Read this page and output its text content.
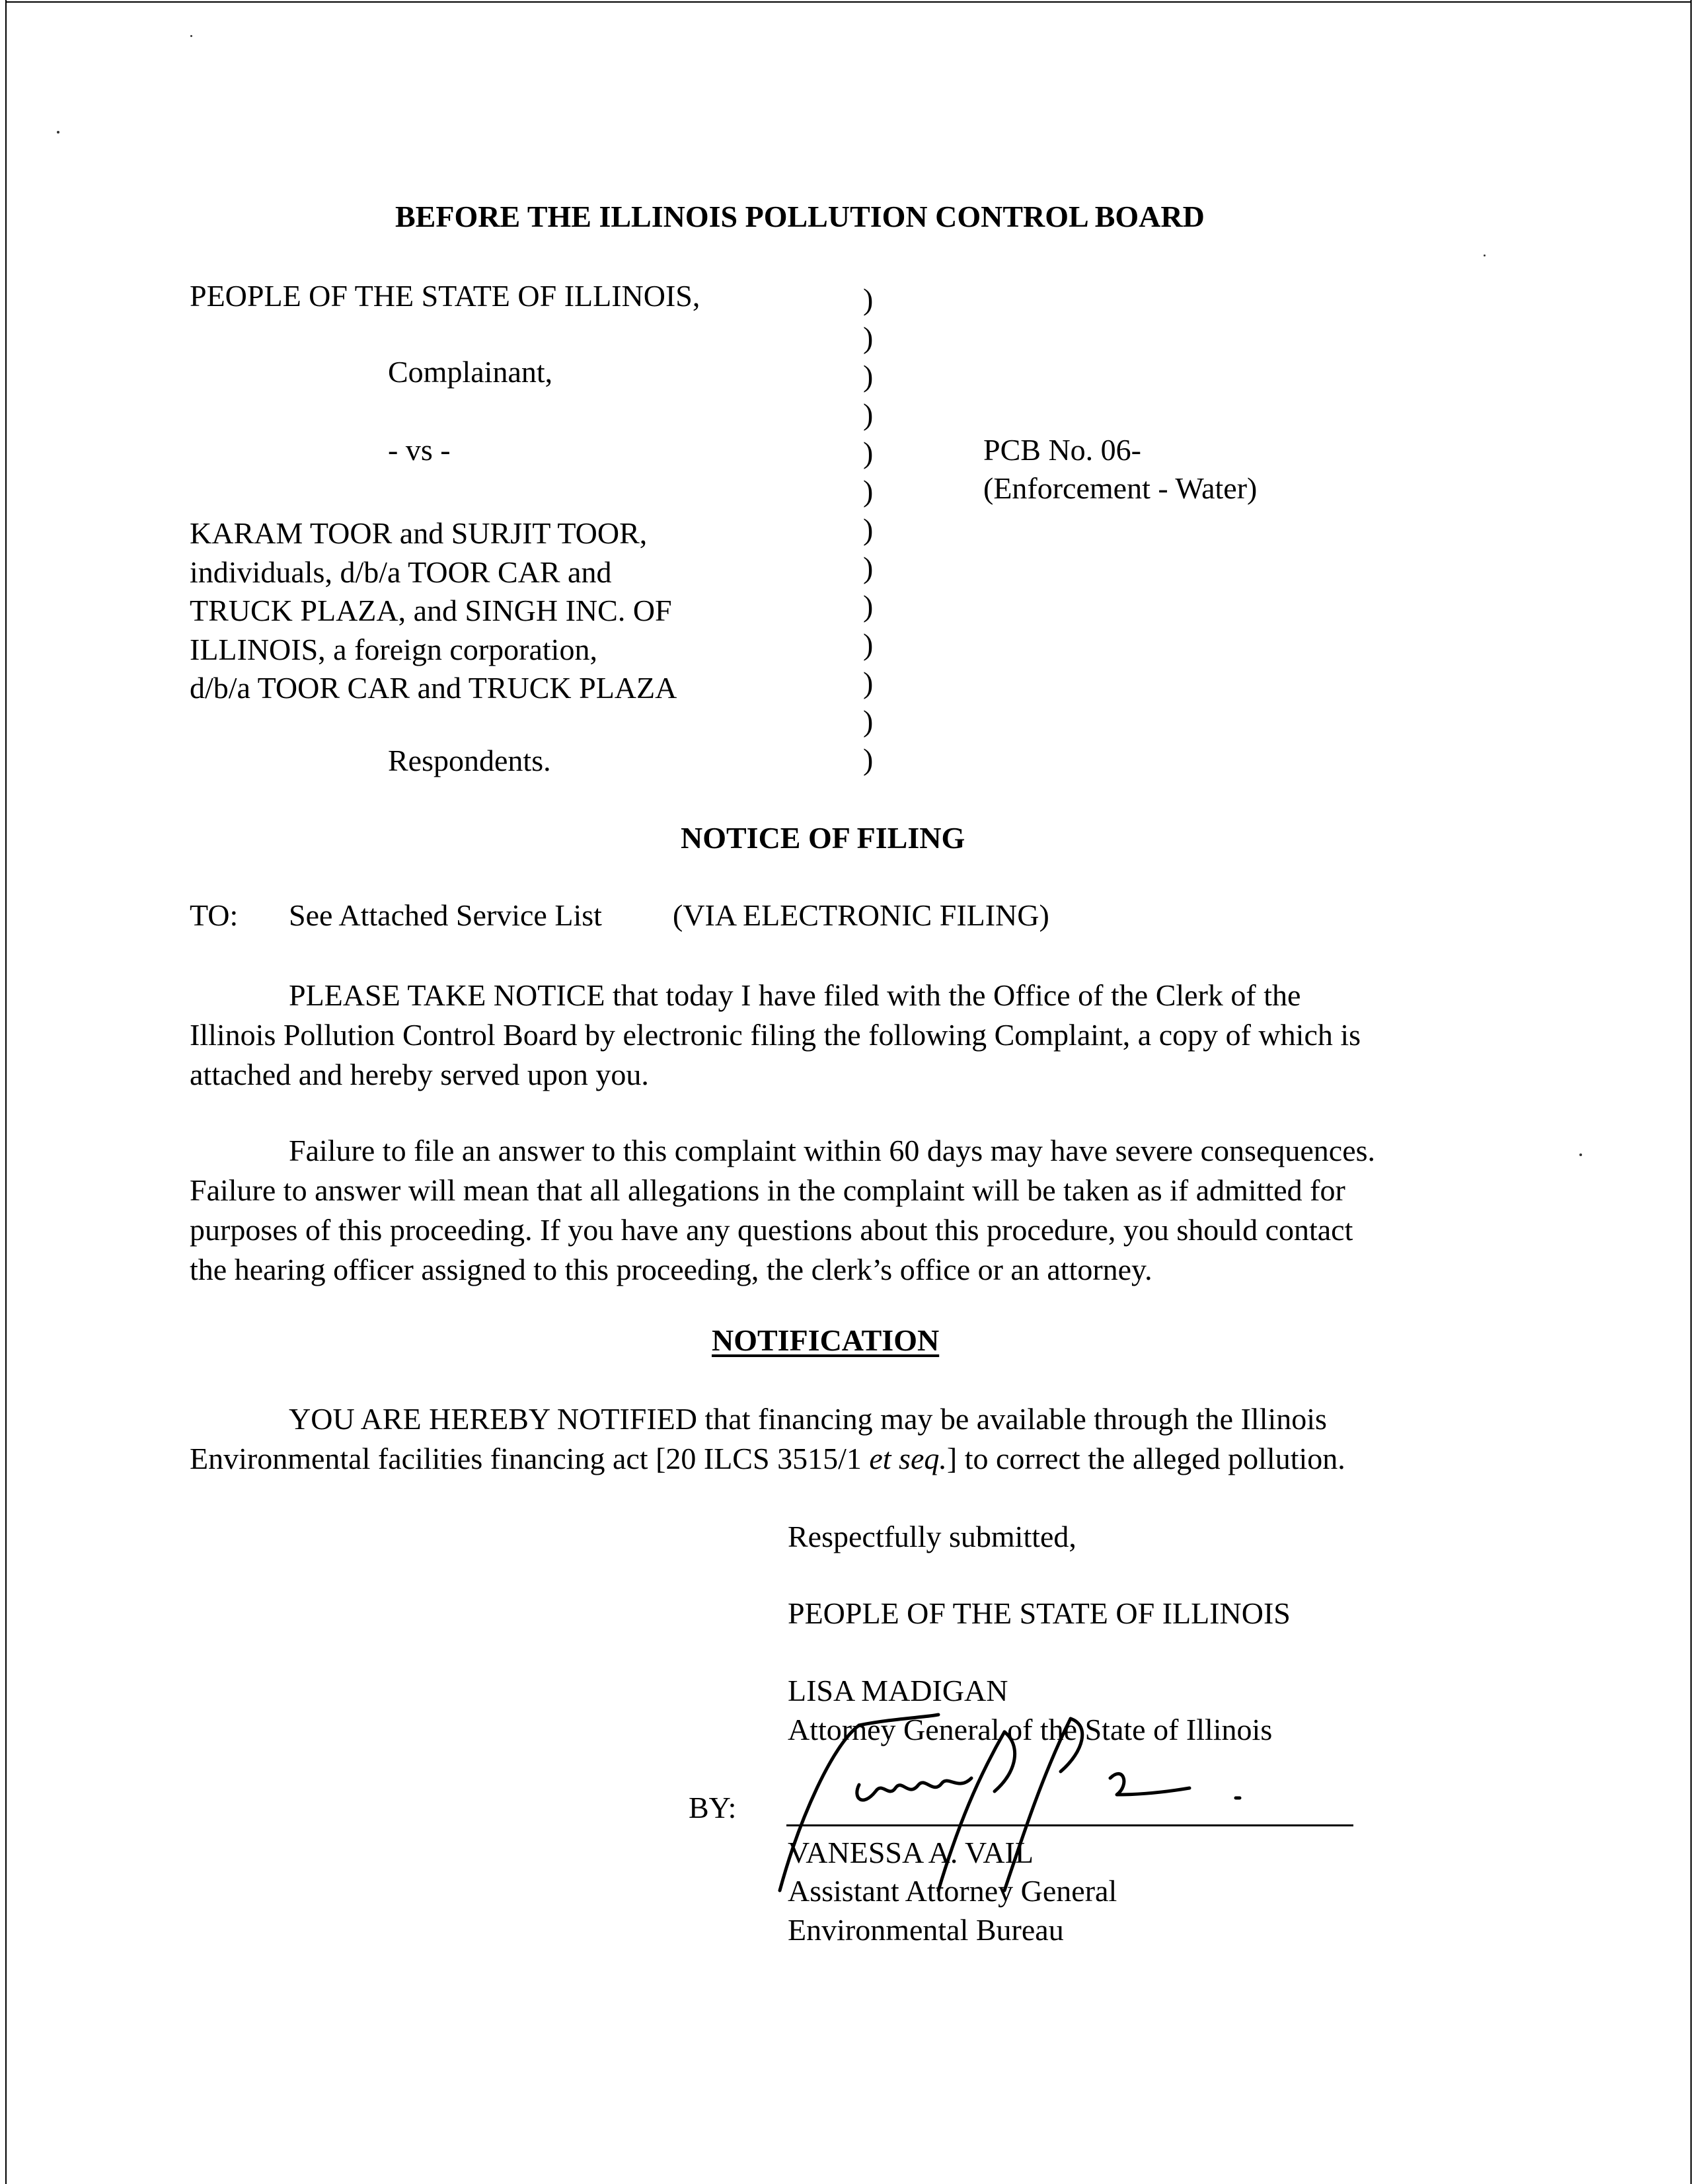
BEFORE THE ILLINOIS POLLUTION CONTROL BOARD
PEOPLE OF THE STATE OF ILLINOIS,
Complainant,
- vs -
KARAM TOOR and SURJIT TOOR,
individuals, d/b/a TOOR CAR and
TRUCK PLAZA, and SINGH INC. OF
ILLINOIS, a foreign corporation,
d/b/a TOOR CAR and TRUCK PLAZA
Respondents.
)
)
)
)
)
)
)
)
)
)
)
)
)
PCB No. 06-
(Enforcement - Water)
NOTICE OF FILING
TO: See Attached Service List (VIA ELECTRONIC FILING)
PLEASE TAKE NOTICE that today I have filed with the Office of the Clerk of the
Illinois Pollution Control Board by electronic filing the following Complaint, a copy of which is
attached and hereby served upon you.
Failure to file an answer to this complaint within 60 days may have severe consequences.
Failure to answer will mean that all allegations in the complaint will be taken as if admitted for
purposes of this proceeding. If you have any questions about this procedure, you should contact
the hearing officer assigned to this proceeding, the clerk’s office or an attorney.
NOTIFICATION
YOU ARE HEREBY NOTIFIED that financing may be available through the Illinois
Environmental facilities financing act [20 ILCS 3515/1 et seq.] to correct the alleged pollution.
Respectfully submitted,
PEOPLE OF THE STATE OF ILLINOIS
LISA MADIGAN
Attorney General of the State of Illinois
BY:
VANESSA A. VAIL
Assistant Attorney General
Environmental Bureau
